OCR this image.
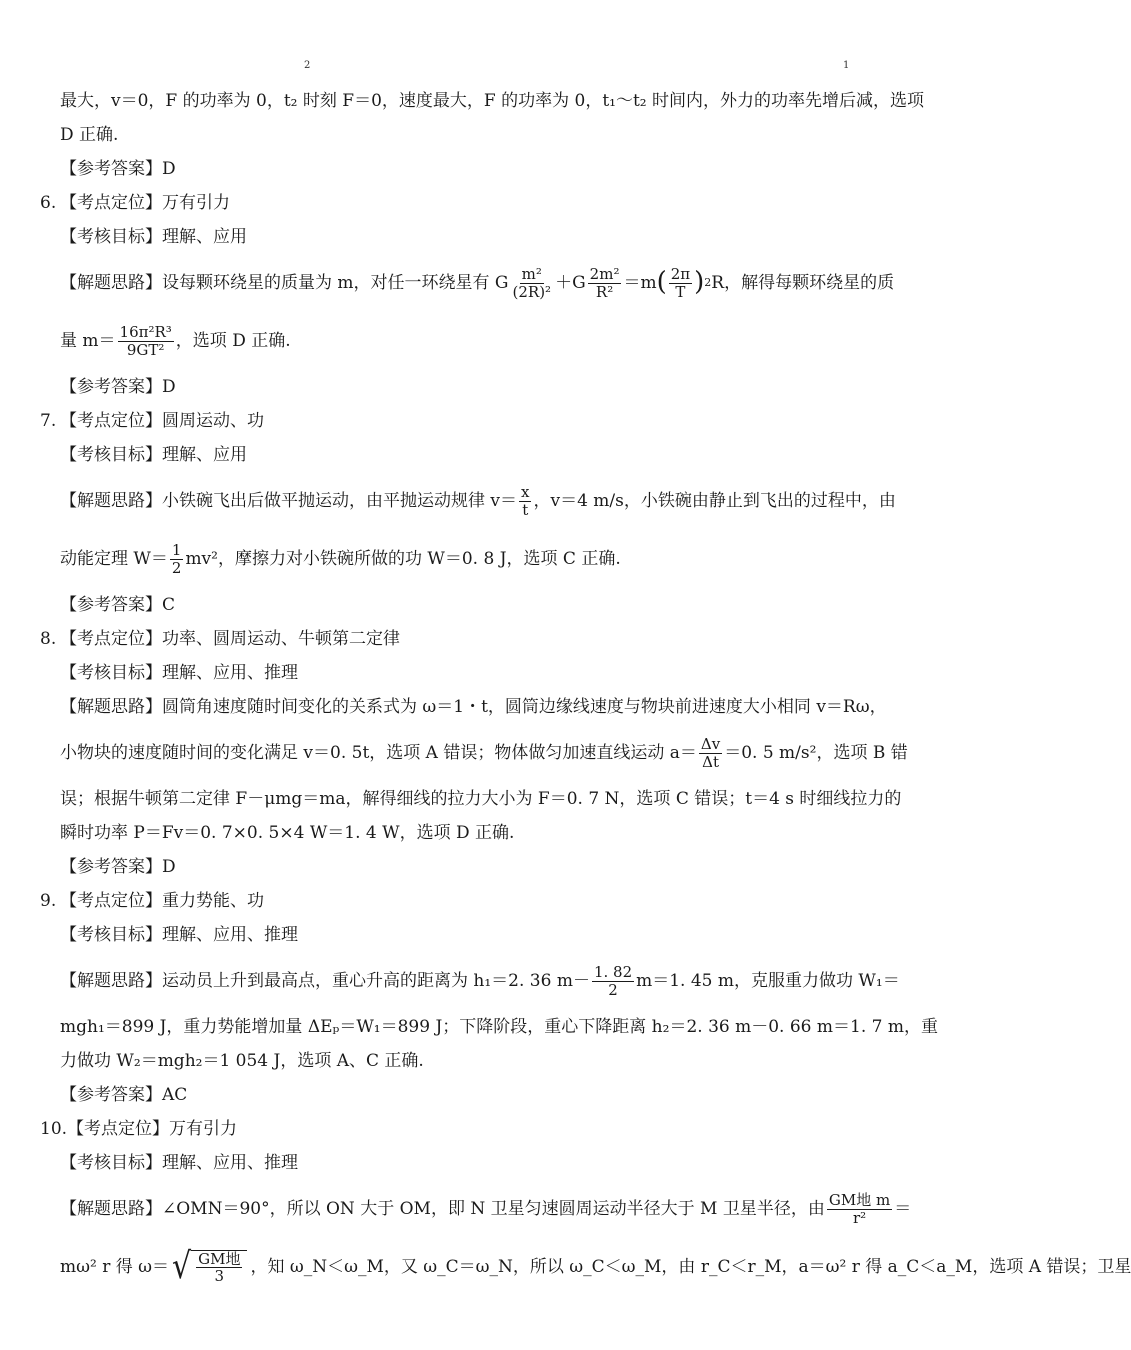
2	1
最大，v＝0，F 的功率为 0，t₂ 时刻 F＝0，速度最大，F 的功率为 0，t₁～t₂ 时间内，外力的功率先增后减，选项
D 正确.
【参考答案】D
6. 【考点定位】万有引力
【考核目标】理解、应用
【解题思路】设每颗环绕星的质量为 m，对任一环绕星有 G $\frac{\text{m²}}{\text{(2R)²}} +G \frac{\text{2m²}}{\text{R²}} =m$ ( $\frac{2\pi}{T}$ ) 2 R，解得每颗环绕星的质
量 $m= \frac{\text{16π²R³}}{\text{9GT²}}$ ，选项 D 正确.
【参考答案】D
7. 【考点定位】圆周运动、功
【考核目标】理解、应用
【解题思路】小铁碗飞出后做平抛运动，由平抛运动规律 $v= \frac{x}{t}$ ，v＝4 m/s，小铁碗由静止到飞出的过程中，由
动能定理 $W= \frac{1}{2} mv^2$，摩擦力对小铁碗所做的功 W＝0. 8 J，选项 C 正确.
【参考答案】C
8. 【考点定位】功率、圆周运动、牛顿第二定律
【考核目标】理解、应用、推理
【解题思路】圆筒角速度随时间变化的关系式为 ω＝1・t，圆筒边缘线速度与物块前进速度大小相同 v＝Rω，
小物块的速度随时间的变化满足 v＝0. 5t，选项 A 错误；物体做匀加速直线运动 $a= \frac{\Delta v}{\Delta t} =0$. 5 m/s²，选项 B 错
误；根据牛顿第二定律 F－μmg＝ma，解得细线的拉力大小为 F＝0. 7 N，选项 C 错误；t＝4 s 时细线拉力的
瞬时功率 P＝Fv＝0. 7×0. 5×4 W＝1. 4 W，选项 D 正确.
【参考答案】D
9. 【考点定位】重力势能、功
【考核目标】理解、应用、推理
【解题思路】运动员上升到最高点，重心升高的距离为 h₁＝2. 36 $m- \frac{1. 82}{2} m=1$. 45 m，克服重力做功 W₁＝
mgh₁＝899 J，重力势能增加量 ΔEₚ＝W₁＝899 J；下降阶段，重心下降距离 h₂＝2. 36 m－0. 66 m＝1. 7 m，重
力做功 W₂＝mgh₂＝1 054 J，选项 A、C 正确.
【参考答案】AC
10. 【考点定位】万有引力
【考核目标】理解、应用、推理
【解题思路】∠OMN＝90°，所以 ON 大于 OM，即 N 卫星匀速圆周运动半径大于 M 卫星半径，由 $\frac{\text{GM地 m}}{\text{r²}}$ ＝
mω² r 得 ω＝ √ $\frac{\text{GM地}}{3}$ ，知 ω_N＜ω_M，又 ω_C＝ω_N，所以 ω_C＜ω_M，由 r_C＜r_M，a＝ω² r 得 a_C＜a_M，选项 A 错误；卫星
